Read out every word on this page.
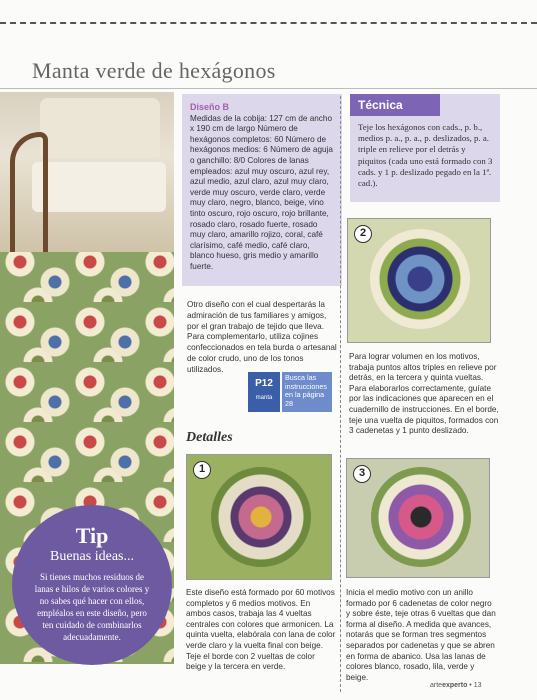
Manta verde de hexágonos
Tip
Buenas ideas...
Si tienes muchos residuos de lanas e hilos de varios colores y no sabes qué hacer con ellos, empléalos en este diseño, pero ten cuidado de combinarlos adecuadamente.
Diseño B
Medidas de la cobija: 127 cm de ancho x 190 cm de largo Número de hexágonos completos: 60 Número de hexágonos medios: 6 Número de aguja o ganchillo: 8/0 Colores de lanas empleados: azul muy oscuro, azul rey, azul medio, azul claro, azul muy claro, verde muy oscuro, verde claro, verde muy claro, negro, blanco, beige, vino tinto oscuro, rojo oscuro, rojo brillante, rosado claro, rosado fuerte, rosado muy claro, amarillo rojizo, coral, café clarísimo, café medio, café claro, blanco hueso, gris medio y amarillo fuerte.
Otro diseño con el cual despertarás la admiración de tus familiares y amigos, por el gran trabajo de tejido que lleva. Para complementarlo, utiliza cojines confeccionados en tela burda o artesanal de color crudo, uno de los tonos utilizados.
P12
manta
Busca las instrucciones en la página 28
Detalles
Técnica
Teje los hexágonos con cads., p. b., medios p. a., p. a., p. deslizados, p. a. triple en relieve por el detrás y piquitos (cada uno está formado con 3 cads. y 1 p. deslizado pegado en la 1ª. cad.).
2
Para lograr volumen en los motivos, trabaja puntos altos triples en relieve por detrás, en la tercera y quinta vueltas. Para elaborarlos correctamente, guíate por las indicaciones que aparecen en el cuadernillo de instrucciones. En el borde, teje una vuelta de piquitos, formados con 3 cadenetas y 1 punto deslizado.
1	3
Este diseño está formado por 60 motivos completos y 6 medios motivos. En ambos casos, trabaja las 4 vueltas centrales con colores que armonicen. La quinta vuelta, elabórala con lana de color verde claro y la vuelta final con beige. Teje el borde con 2 vueltas de color beige y la tercera en verde.
Inicia el medio motivo con un anillo formado por 6 cadenetas de color negro y sobre éste, teje otras 6 vueltas que dan forma al diseño. A medida que avances, notarás que se forman tres segmentos separados por cadenetas y que se abren en forma de abanico. Usa las lanas de colores blanco, rosado, lila, verde y beige.
arteexperto • 13
